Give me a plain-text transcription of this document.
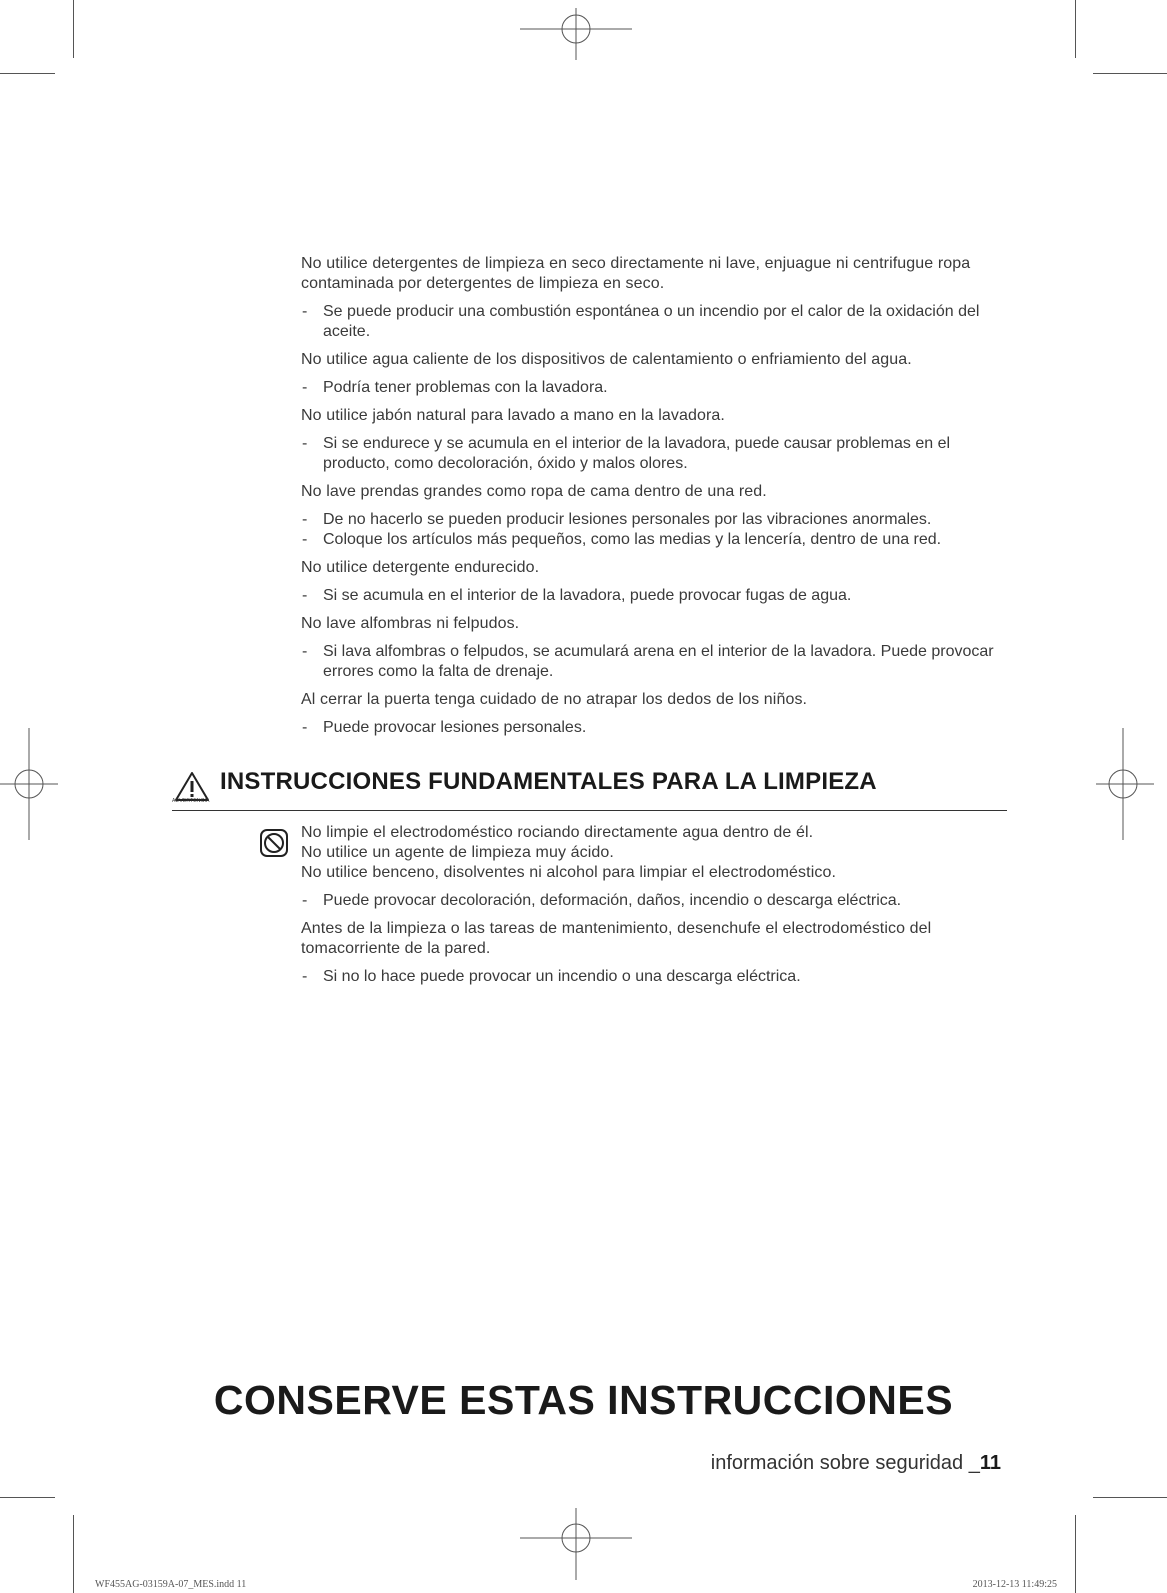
No utilice detergentes de limpieza en seco directamente ni lave, enjuague ni centrifugue ropa contaminada por detergentes de limpieza en seco.

- Se puede producir una combustión espontánea o un incendio por el calor de la oxidación del aceite.

No utilice agua caliente de los dispositivos de calentamiento o enfriamiento del agua.

- Podría tener problemas con la lavadora.

No utilice jabón natural para lavado a mano en la lavadora.

- Si se endurece y se acumula en el interior de la lavadora, puede causar problemas en el producto, como decoloración, óxido y malos olores.

No lave prendas grandes como ropa de cama dentro de una red.

- De no hacerlo se pueden producir lesiones personales por las vibraciones anormales.

- Coloque los artículos más pequeños, como las medias y la lencería, dentro de una red.

No utilice detergente endurecido.

- Si se acumula en el interior de la lavadora, puede provocar fugas de agua.

No lave alfombras ni felpudos.

- Si lava alfombras o felpudos, se acumulará arena en el interior de la lavadora. Puede provocar errores como la falta de drenaje.

Al cerrar la puerta tenga cuidado de no atrapar los dedos de los niños.

- Puede provocar lesiones personales.

ADVERTENCIA
INSTRUCCIONES FUNDAMENTALES PARA LA LIMPIEZA

No limpie el electrodoméstico rociando directamente agua dentro de él.

No utilice un agente de limpieza muy ácido.

No utilice benceno, disolventes ni alcohol para limpiar el electrodoméstico.

- Puede provocar decoloración, deformación, daños, incendio o descarga eléctrica.

Antes de la limpieza o las tareas de mantenimiento, desenchufe el electrodoméstico del tomacorriente de la pared.

- Si no lo hace puede provocar un incendio o una descarga eléctrica.

CONSERVE ESTAS INSTRUCCIONES
información sobre seguridad _11
WF455AG-03159A-07_MES.indd 11	2013-12-13 11:49:25
